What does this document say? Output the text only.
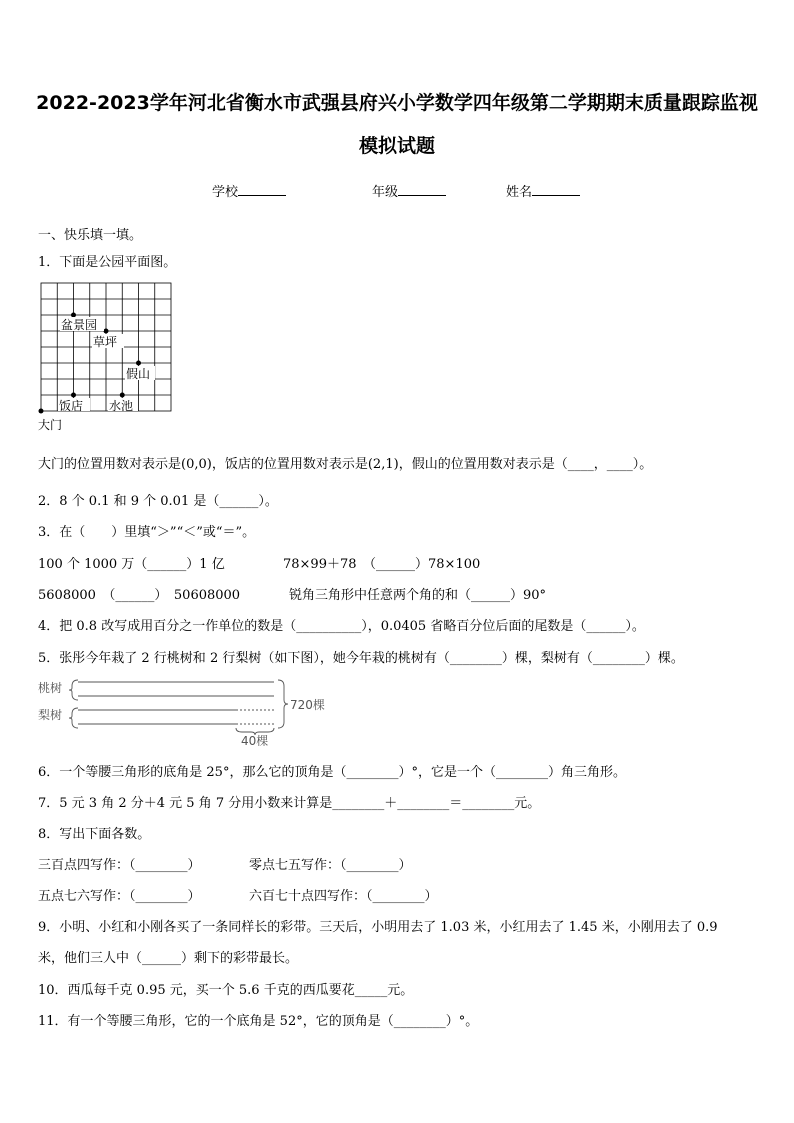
2022-2023学年河北省衡水市武强县府兴小学数学四年级第二学期期末质量跟踪监视
模拟试题
学校	年级	姓名
一、快乐填一填。
1．下面是公园平面图。
盆景园
草坪
假山
饭店 水池
大门
大门的位置用数对表示是(0,0)，饭店的位置用数对表示是(2,1)，假山的位置用数对表示是（____，____）。
2．8 个 0.1 和 9 个 0.01 是（______）。
3．在（　　）里填“＞”“＜”或“＝”。
100 个 1000 万（______）1 亿	78×99＋78　（______）78×100
5608000　（______）　50608000	锐角三角形中任意两个角的和（______）90°
4．把 0.8 改写成用百分之一作单位的数是（__________），0.0405 省略百分位后面的尾数是（______）。
5．张彤今年栽了 2 行桃树和 2 行梨树（如下图），她今年栽的桃树有（________）棵，梨树有（________）棵。
桃树
梨树
720棵
40棵
6．一个等腰三角形的底角是 25°，那么它的顶角是（________）°，它是一个（________）角三角形。
7．5 元 3 角 2 分＋4 元 5 角 7 分用小数来计算是________＋________＝________元。
8．写出下面各数。
三百点四写作：（________）	零点七五写作：（________）
五点七六写作：（________）	六百七十点四写作：（________）
9．小明、小红和小刚各买了一条同样长的彩带。三天后，小明用去了 1.03 米，小红用去了 1.45 米，小刚用去了 0.9
米，他们三人中（______）剩下的彩带最长。
10．西瓜每千克 0.95 元，买一个 5.6 千克的西瓜要花_____元。
11．有一个等腰三角形，它的一个底角是 52°，它的顶角是（________）°。
